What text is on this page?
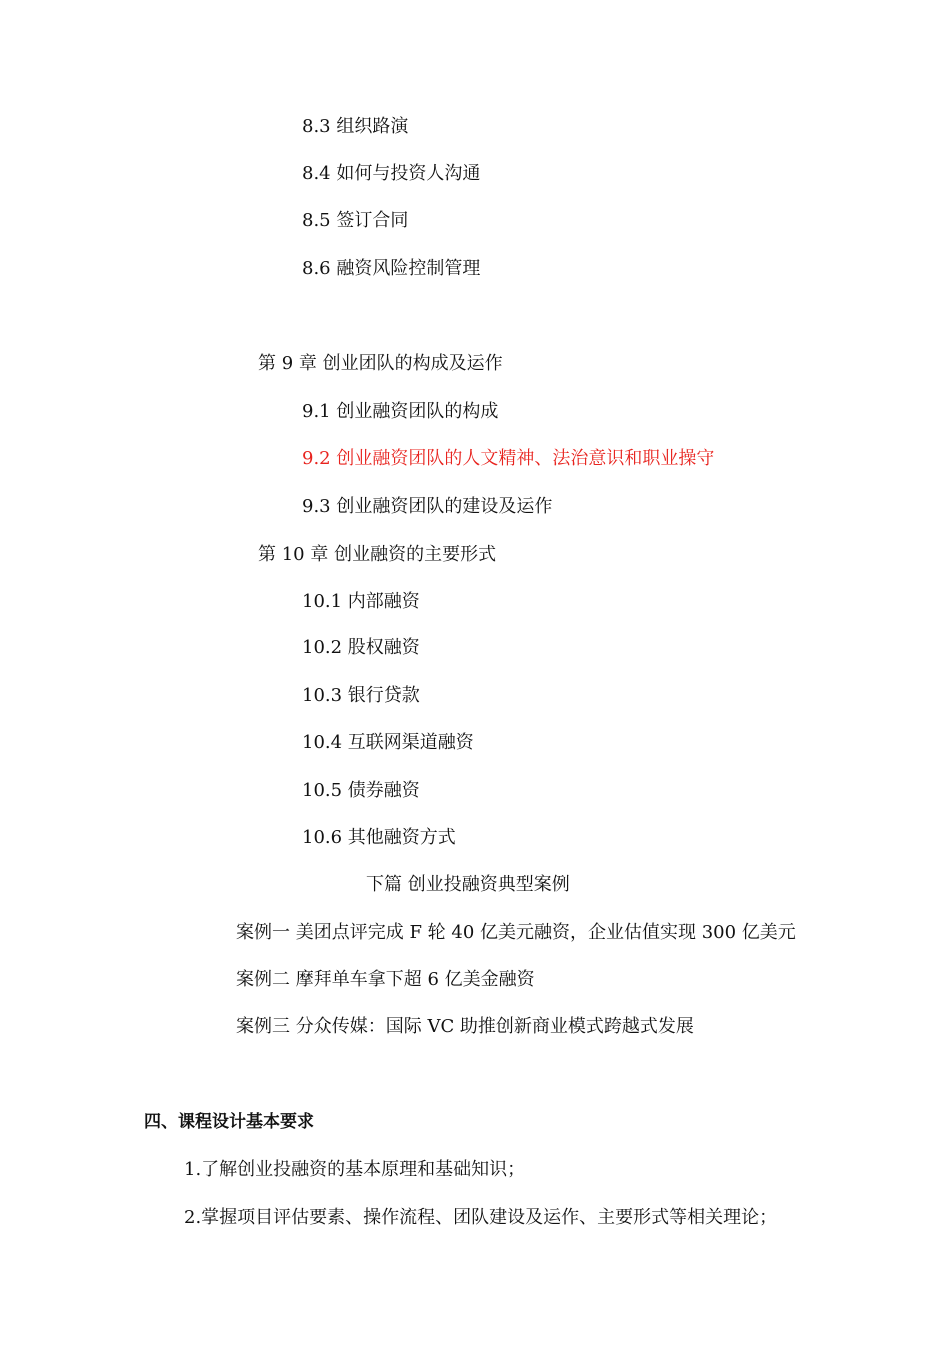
8.3 组织路演
8.4 如何与投资人沟通
8.5 签订合同
8.6 融资风险控制管理
第 9 章 创业团队的构成及运作
9.1 创业融资团队的构成
9.2 创业融资团队的人文精神、法治意识和职业操守
9.3 创业融资团队的建设及运作
第 10 章 创业融资的主要形式
10.1 内部融资
10.2 股权融资
10.3 银行贷款
10.4 互联网渠道融资
10.5 债券融资
10.6 其他融资方式
下篇 创业投融资典型案例
案例一 美团点评完成 F 轮 40 亿美元融资，企业估值实现 300 亿美元
案例二 摩拜单车拿下超 6 亿美金融资
案例三 分众传媒：国际 VC 助推创新商业模式跨越式发展
四、课程设计基本要求
1.了解创业投融资的基本原理和基础知识；
2.掌握项目评估要素、操作流程、团队建设及运作、主要形式等相关理论；
